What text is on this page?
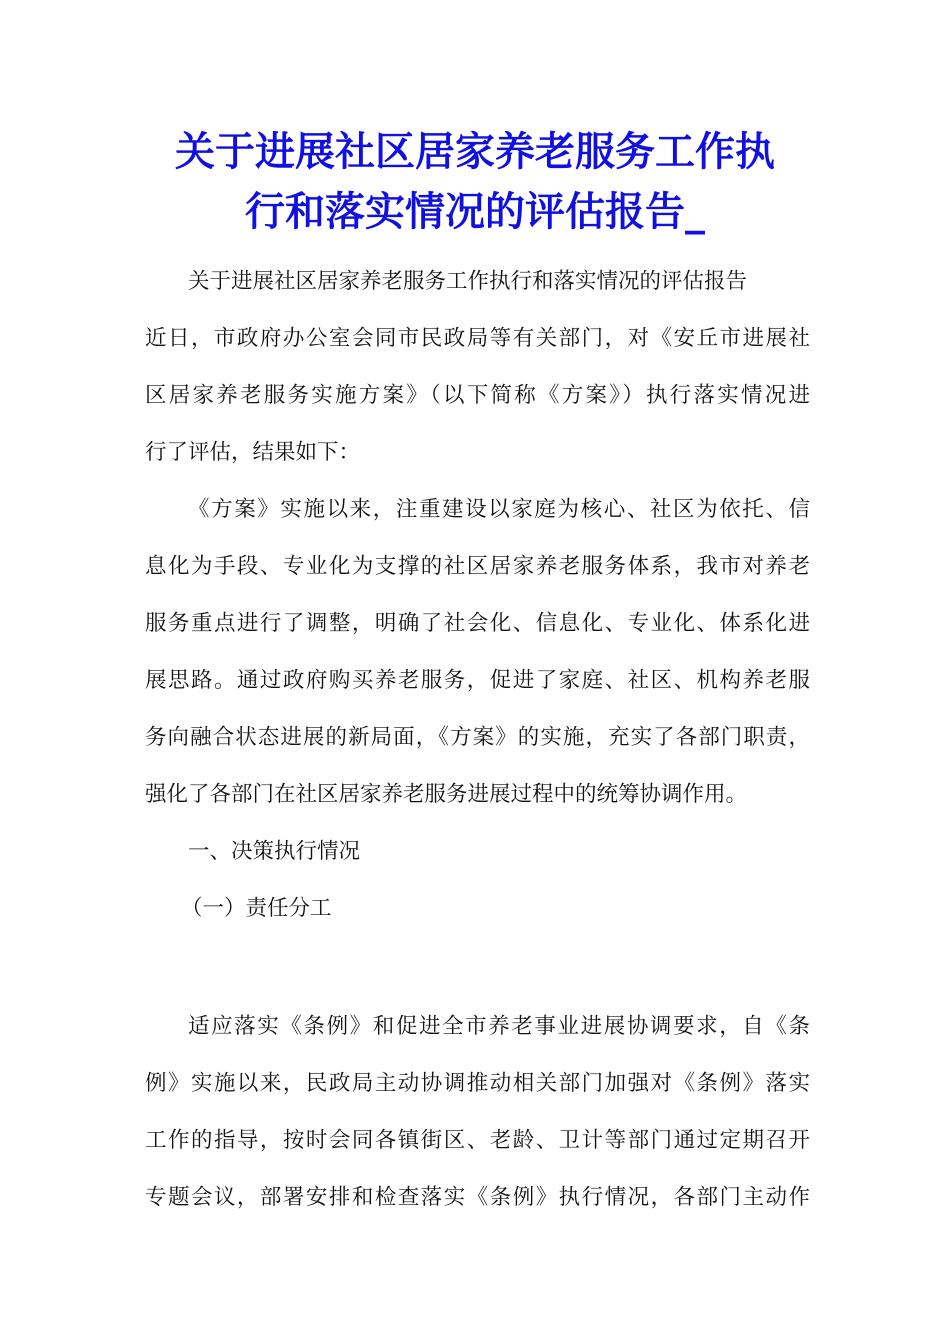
关于进展社区居家养老服务工作执
行和落实情况的评估报告_
关于进展社区居家养老服务工作执行和落实情况的评估报告
近日，市政府办公室会同市民政局等有关部门，对《安丘市进展社
区居家养老服务实施方案》（以下简称《方案》）执行落实情况进
行了评估，结果如下：
《方案》实施以来，注重建设以家庭为核心、社区为依托、信
息化为手段、专业化为支撑的社区居家养老服务体系，我市对养老
服务重点进行了调整，明确了社会化、信息化、专业化、体系化进
展思路。通过政府购买养老服务，促进了家庭、社区、机构养老服
务向融合状态进展的新局面，《方案》的实施，充实了各部门职责，
强化了各部门在社区居家养老服务进展过程中的统筹协调作用。
一、决策执行情况
（一）责任分工
适应落实《条例》和促进全市养老事业进展协调要求，自《条
例》实施以来，民政局主动协调推动相关部门加强对《条例》落实
工作的指导，按时会同各镇街区、老龄、卫计等部门通过定期召开
专题会议，部署安排和检查落实《条例》执行情况，各部门主动作
